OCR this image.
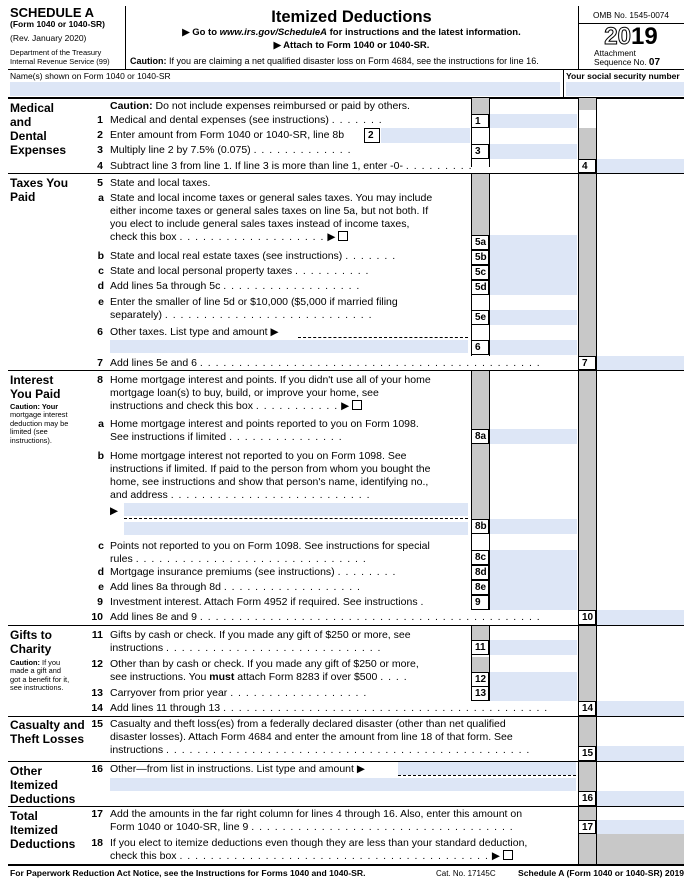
SCHEDULE A
(Form 1040 or 1040-SR)
(Rev. January 2020)
Department of the Treasury
Internal Revenue Service (99)
Itemized Deductions
▶ Go to www.irs.gov/ScheduleA for instructions and the latest information.
▶ Attach to Form 1040 or 1040-SR.
Caution: If you are claiming a net qualified disaster loss on Form 4684, see the instructions for line 16.
OMB No. 1545-0074
2019
Attachment
Sequence No. 07
Name(s) shown on Form 1040 or 1040-SR	Your social security number
Medical
and
Dental
Expenses
Caution: Do not include expenses reimbursed or paid by others.
1 Medical and dental expenses (see instructions) . . . . . . .	1
2 Enter amount from Form 1040 or 1040-SR, line 8b	2
3 Multiply line 2 by 7.5% (0.075) . . . . . . . . . . . . .	3
4 Subtract line 3 from line 1. If line 3 is more than line 1, enter -0- . . . . . . . . .	4
Taxes You
Paid
5 State and local taxes.
a State and local income taxes or general sales taxes. You may include
either income taxes or general sales taxes on line 5a, but not both. If
you elect to include general sales taxes instead of income taxes,
check this box . . . . . . . . . . . . . . . . . . . ▶	5a
b State and local real estate taxes (see instructions) . . . . . . .	5b
c State and local personal property taxes . . . . . . . . . .	5c
d Add lines 5a through 5c . . . . . . . . . . . . . . . . . .	5d
e Enter the smaller of line 5d or $10,000 ($5,000 if married filing
separately) . . . . . . . . . . . . . . . . . . . . . . . . . . .	5e
6 Other taxes. List type and amount ▶
6
7 Add lines 5e and 6 . . . . . . . . . . . . . . . . . . . . . . . . . . . . . . . . . . . . . . . . . . . .	7
Interest
You Paid
Caution: Your
mortgage interest
deduction may be
limited (see
instructions).
8 Home mortgage interest and points. If you didn't use all of your home
mortgage loan(s) to buy, build, or improve your home, see
instructions and check this box . . . . . . . . . . . ▶
a Home mortgage interest and points reported to you on Form 1098.
See instructions if limited . . . . . . . . . . . . . . .	8a
b Home mortgage interest not reported to you on Form 1098. See
instructions if limited. If paid to the person from whom you bought the
home, see instructions and show that person's name, identifying no.,
and address . . . . . . . . . . . . . . . . . . . . . . . . . .
▶
8b
c Points not reported to you on Form 1098. See instructions for special
rules . . . . . . . . . . . . . . . . . . . . . . . . . . . . . .	8c
d Mortgage insurance premiums (see instructions) . . . . . . . .	8d
e Add lines 8a through 8d . . . . . . . . . . . . . . . . . .	8e
9 Investment interest. Attach Form 4952 if required. See instructions .	9
10 Add lines 8e and 9 . . . . . . . . . . . . . . . . . . . . . . . . . . . . . . . . . . . . . . . . . . . .	10
Gifts to
Charity
Caution: If you
made a gift and
got a benefit for it,
see instructions.
11 Gifts by cash or check. If you made any gift of $250 or more, see
instructions . . . . . . . . . . . . . . . . . . . . . . . . . . . .	11
12 Other than by cash or check. If you made any gift of $250 or more,
see instructions. You must attach Form 8283 if over $500 . . . .	12
13 Carryover from prior year . . . . . . . . . . . . . . . . . .	13
14 Add lines 11 through 13 . . . . . . . . . . . . . . . . . . . . . . . . . . . . . . . . . . . . . . . . . .	14
Casualty and
Theft Losses
15 Casualty and theft loss(es) from a federally declared disaster (other than net qualified
disaster losses). Attach Form 4684 and enter the amount from line 18 of that form. See
instructions . . . . . . . . . . . . . . . . . . . . . . . . . . . . . . . . . . . . . . . . . . . . . . .	15
Other
Itemized
Deductions
16 Other—from list in instructions. List type and amount ▶
16
Total
Itemized
Deductions
17 Add the amounts in the far right column for lines 4 through 16. Also, enter this amount on
Form 1040 or 1040-SR, line 9 . . . . . . . . . . . . . . . . . . . . . . . . . . . . . . . . . .	17
18 If you elect to itemize deductions even though they are less than your standard deduction,
check this box . . . . . . . . . . . . . . . . . . . . . . . . . . . . . . . . . . . . . . . . ▶
For Paperwork Reduction Act Notice, see the Instructions for Forms 1040 and 1040-SR.	Cat. No. 17145C	Schedule A (Form 1040 or 1040-SR) 2019
